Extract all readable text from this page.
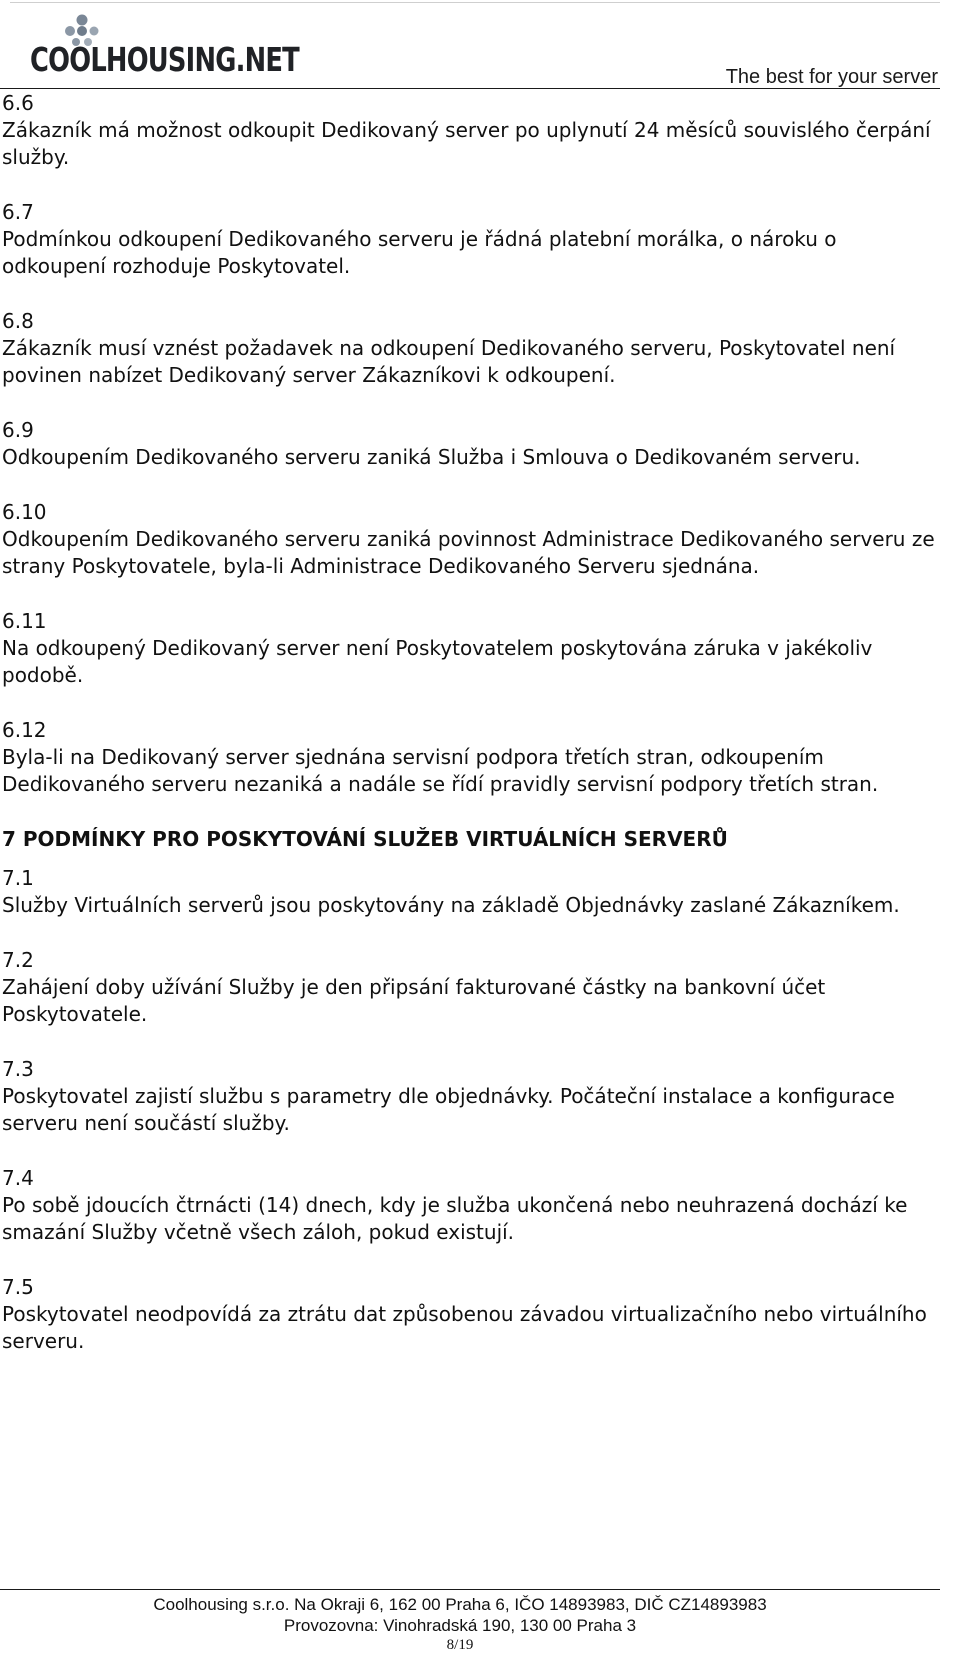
COOLHOUSING.NET	The best for your server
6.6

Zákazník má možnost odkoupit Dedikovaný server po uplynutí 24 měsíců souvislého čerpání služby.

6.7

Podmínkou odkoupení Dedikovaného serveru je řádná platební morálka, o nároku o odkoupení rozhoduje Poskytovatel.

6.8

Zákazník musí vznést požadavek na odkoupení Dedikovaného serveru, Poskytovatel není povinen nabízet Dedikovaný server Zákazníkovi k odkoupení.

6.9

Odkoupením Dedikovaného serveru zaniká Služba i Smlouva o Dedikovaném serveru.

6.10

Odkoupením Dedikovaného serveru zaniká povinnost Administrace Dedikovaného serveru ze strany Poskytovatele, byla-li Administrace Dedikovaného Serveru sjednána.

6.11

Na odkoupený Dedikovaný server není Poskytovatelem poskytována záruka v jakékoliv podobě.

6.12

Byla-li na Dedikovaný server sjednána servisní podpora třetích stran, odkoupením Dedikovaného serveru nezaniká a nadále se řídí pravidly servisní podpory třetích stran.

7 PODMÍNKY PRO POSKYTOVÁNÍ SLUŽEB VIRTUÁLNÍCH SERVERŮ
7.1

Služby Virtuálních serverů jsou poskytovány na základě Objednávky zaslané Zákazníkem.

7.2

Zahájení doby užívání Služby je den připsání fakturované částky na bankovní účet Poskytovatele.

7.3

Poskytovatel zajistí službu s parametry dle objednávky. Počáteční instalace a konfigurace serveru není součástí služby.

7.4

Po sobě jdoucích čtrnácti (14) dnech, kdy je služba ukončená nebo neuhrazená dochází ke smazání Služby včetně všech záloh, pokud existují.

7.5

Poskytovatel neodpovídá za ztrátu dat způsobenou závadou virtualizačního nebo virtuálního serveru.

Coolhousing s.r.o. Na Okraji 6, 162 00 Praha 6, IČO 14893983, DIČ CZ14893983
Provozovna: Vinohradská 190, 130 00 Praha 3
8/19
